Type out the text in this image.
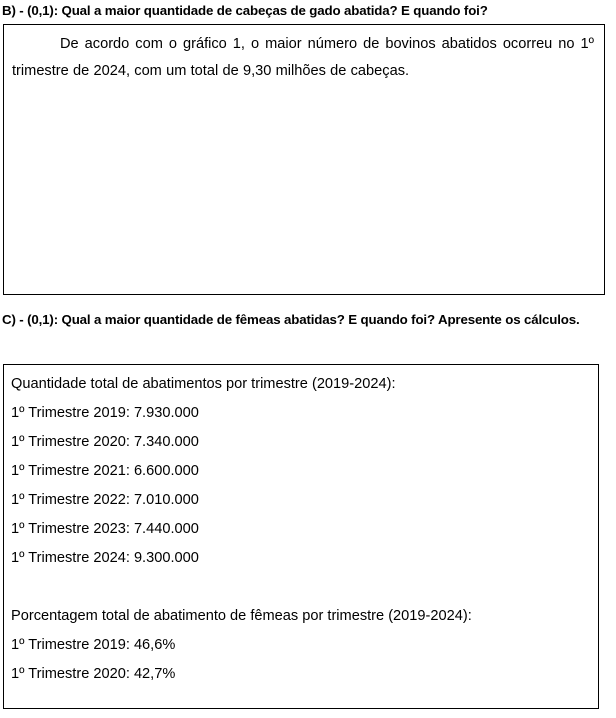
B) - (0,1): Qual a maior quantidade de cabeças de gado abatida? E quando foi?

De acordo com o gráfico 1, o maior número de bovinos abatidos ocorreu no 1º trimestre de 2024, com um total de 9,30 milhões de cabeças.

C) - (0,1): Qual a maior quantidade de fêmeas abatidas? E quando foi? Apresente os cálculos.

Quantidade total de abatimentos por trimestre (2019-2024):

1º Trimestre 2019: 7.930.000

1º Trimestre 2020: 7.340.000

1º Trimestre 2021: 6.600.000

1º Trimestre 2022: 7.010.000

1º Trimestre 2023: 7.440.000

1º Trimestre 2024: 9.300.000

Porcentagem total de abatimento de fêmeas por trimestre (2019-2024):

1º Trimestre 2019: 46,6%

1º Trimestre 2020: 42,7%
